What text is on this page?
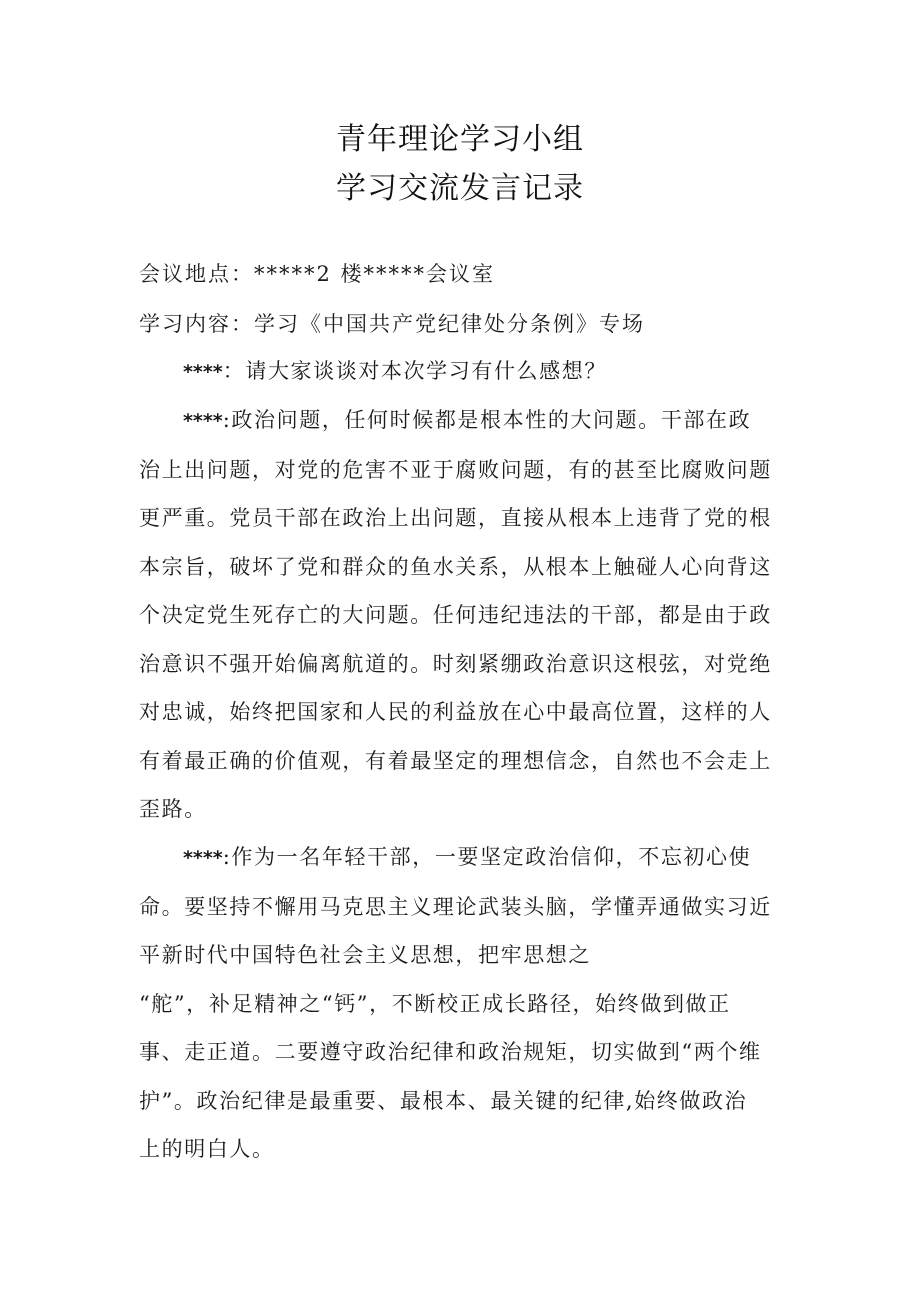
青年理论学习小组
学习交流发言记录

会议地点：*****2 楼*****会议室

学习内容：学习《中国共产党纪律处分条例》专场

****：请大家谈谈对本次学习有什么感想？
****:政治问题，任何时候都是根本性的大问题。干部在政
治上出问题，对党的危害不亚于腐败问题，有的甚至比腐败问题
更严重。党员干部在政治上出问题，直接从根本上违背了党的根
本宗旨，破坏了党和群众的鱼水关系，从根本上触碰人心向背这
个决定党生死存亡的大问题。任何违纪违法的干部，都是由于政
治意识不强开始偏离航道的。时刻紧绷政治意识这根弦，对党绝
对忠诚，始终把国家和人民的利益放在心中最高位置，这样的人
有着最正确的价值观，有着最坚定的理想信念，自然也不会走上
歪路。
****:作为一名年轻干部，一要坚定政治信仰，不忘初心使
命。要坚持不懈用马克思主义理论武装头脑，学懂弄通做实习近
平新时代中国特色社会主义思想，把牢思想之
“舵”，补足精神之“钙”，不断校正成长路径，始终做到做正
事、走正道。二要遵守政治纪律和政治规矩，切实做到“两个维
护”。政治纪律是最重要、最根本、最关键的纪律,始终做政治
上的明白人。
